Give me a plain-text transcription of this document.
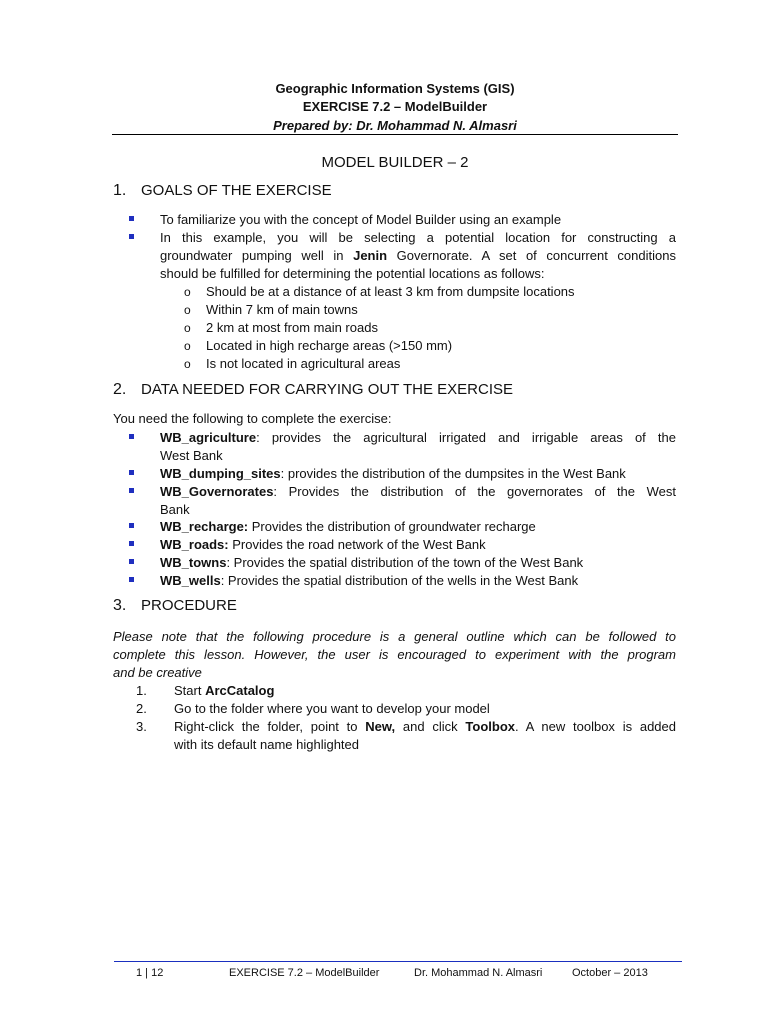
Geographic Information Systems (GIS)
EXERCISE 7.2 – ModelBuilder
Prepared by: Dr. Mohammad N. Almasri
MODEL BUILDER – 2
1. GOALS OF THE EXERCISE
To familiarize you with the concept of Model Builder using an example
In this example, you will be selecting a potential location for constructing a
groundwater pumping well in Jenin Governorate. A set of concurrent conditions
should be fulfilled for determining the potential locations as follows:
o Should be at a distance of at least 3 km from dumpsite locations
o Within 7 km of main towns
o 2 km at most from main roads
o Located in high recharge areas (>150 mm)
o Is not located in agricultural areas
2. DATA NEEDED FOR CARRYING OUT THE EXERCISE
You need the following to complete the exercise:
WB_agriculture: provides the agricultural irrigated and irrigable areas of the
West Bank
WB_dumping_sites: provides the distribution of the dumpsites in the West Bank
WB_Governorates: Provides the distribution of the governorates of the West
Bank
WB_recharge: Provides the distribution of groundwater recharge
WB_roads: Provides the road network of the West Bank
WB_towns: Provides the spatial distribution of the town of the West Bank
WB_wells: Provides the spatial distribution of the wells in the West Bank
3. PROCEDURE
Please note that the following procedure is a general outline which can be followed to
complete this lesson. However, the user is encouraged to experiment with the program
and be creative
1. Start ArcCatalog
2. Go to the folder where you want to develop your model
3. Right-click the folder, point to New, and click Toolbox. A new toolbox is added
with its default name highlighted
1 | 12	EXERCISE 7.2 – ModelBuilder	Dr. Mohammad N. Almasri	October – 2013
